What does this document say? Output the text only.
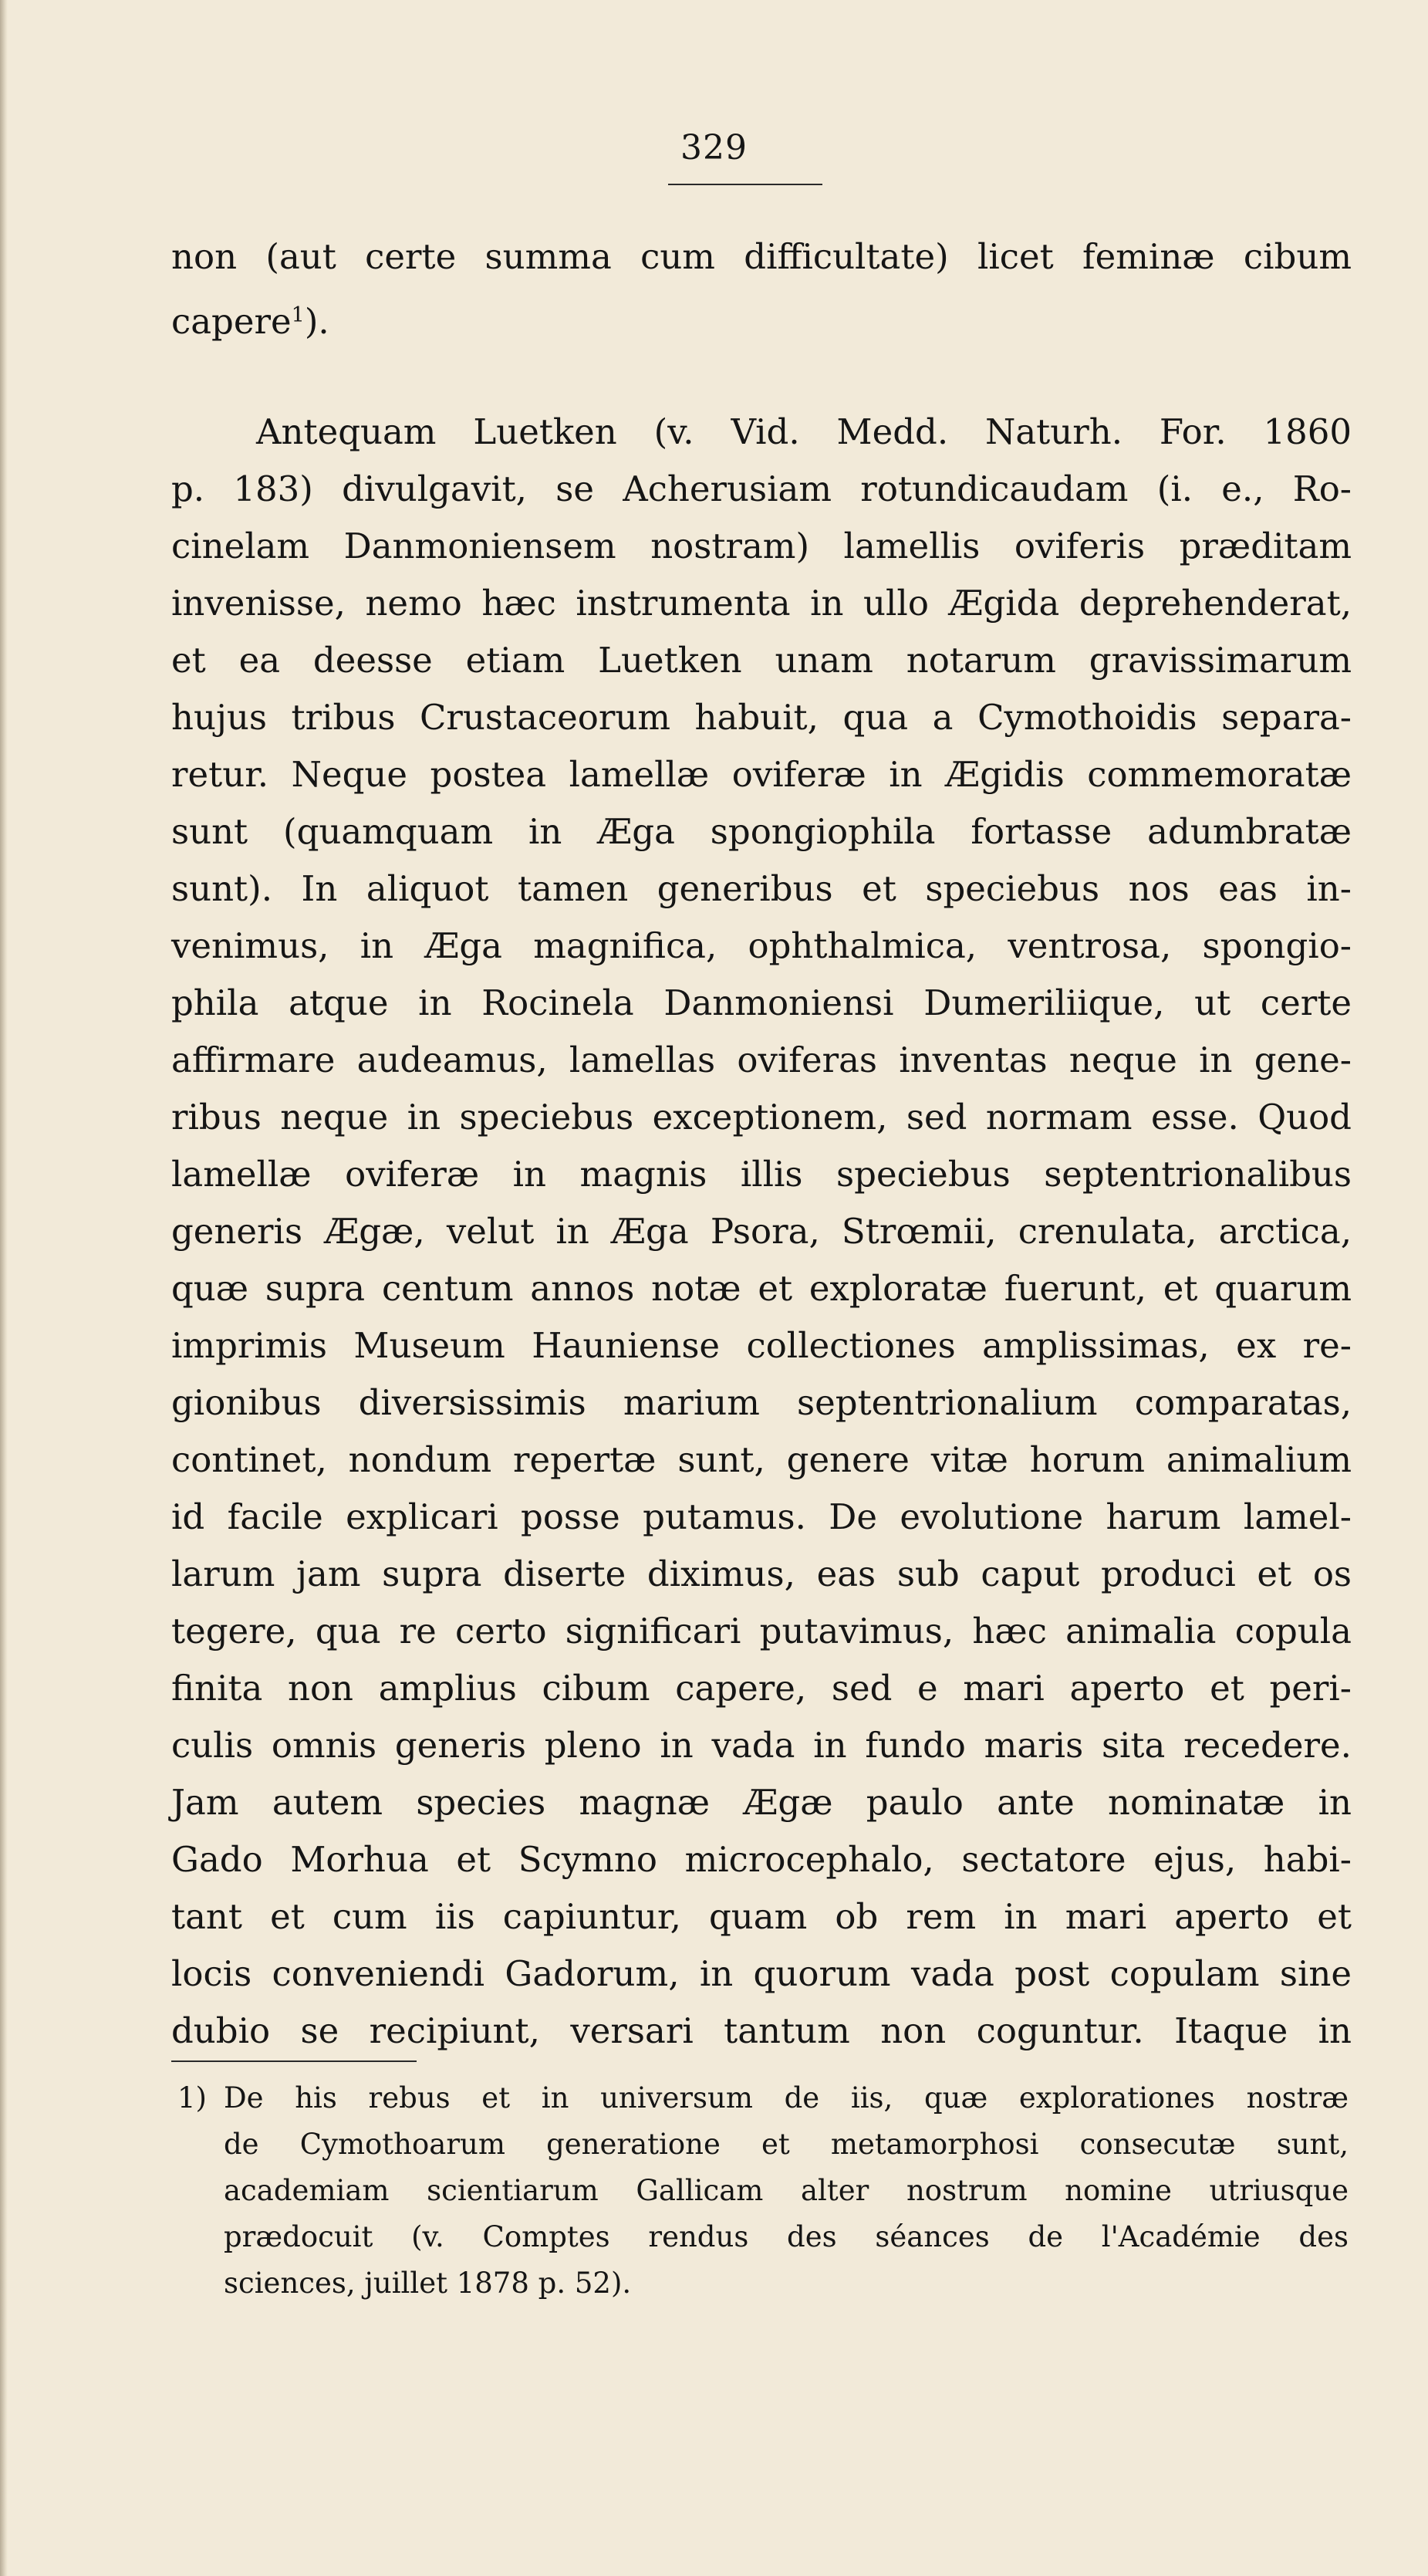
329
non (aut certe summa cum difficultate) licet feminæ cibum
capere$^1$).
Antequam Luetken (v. Vid. Medd. Naturh. For. 1860
p. 183) divulgavit, se Acherusiam rotundicaudam (i. e., Ro-
cinelam Danmoniensem nostram) lamellis oviferis præditam
invenisse, nemo hæc instrumenta in ullo Ægida deprehenderat,
et ea deesse etiam Luetken unam notarum gravissimarum
hujus tribus Crustaceorum habuit, qua a Cymothoidis separa-
retur. Neque postea lamellæ oviferæ in Ægidis commemoratæ
sunt (quamquam in Æga spongiophila fortasse adumbratæ
sunt). In aliquot tamen generibus et speciebus nos eas in-
venimus, in Æga magnifica, ophthalmica, ventrosa, spongio-
phila atque in Rocinela Danmoniensi Dumeriliique, ut certe
affirmare audeamus, lamellas oviferas inventas neque in gene-
ribus neque in speciebus exceptionem, sed normam esse. Quod
lamellæ oviferæ in magnis illis speciebus septentrionalibus
generis Ægæ, velut in Æga Psora, Strœmii, crenulata, arctica,
quæ supra centum annos notæ et exploratæ fuerunt, et quarum
imprimis Museum Hauniense collectiones amplissimas, ex re-
gionibus diversissimis marium septentrionalium comparatas,
continet, nondum repertæ sunt, genere vitæ horum animalium
id facile explicari posse putamus. De evolutione harum lamel-
larum jam supra diserte diximus, eas sub caput produci et os
tegere, qua re certo significari putavimus, hæc animalia copula
finita non amplius cibum capere, sed e mari aperto et peri-
culis omnis generis pleno in vada in fundo maris sita recedere.
Jam autem species magnæ Ægæ paulo ante nominatæ in
Gado Morhua et Scymno microcephalo, sectatore ejus, habi-
tant et cum iis capiuntur, quam ob rem in mari aperto et
locis conveniendi Gadorum, in quorum vada post copulam sine
dubio se recipiunt, versari tantum non coguntur. Itaque in
1) De his rebus et in universum de iis, quæ explorationes nostræ
de Cymothoarum generatione et metamorphosi consecutæ sunt,
academiam scientiarum Gallicam alter nostrum nomine utriusque
prædocuit (v. Comptes rendus des séances de l'Académie des
sciences, juillet 1878 p. 52).
